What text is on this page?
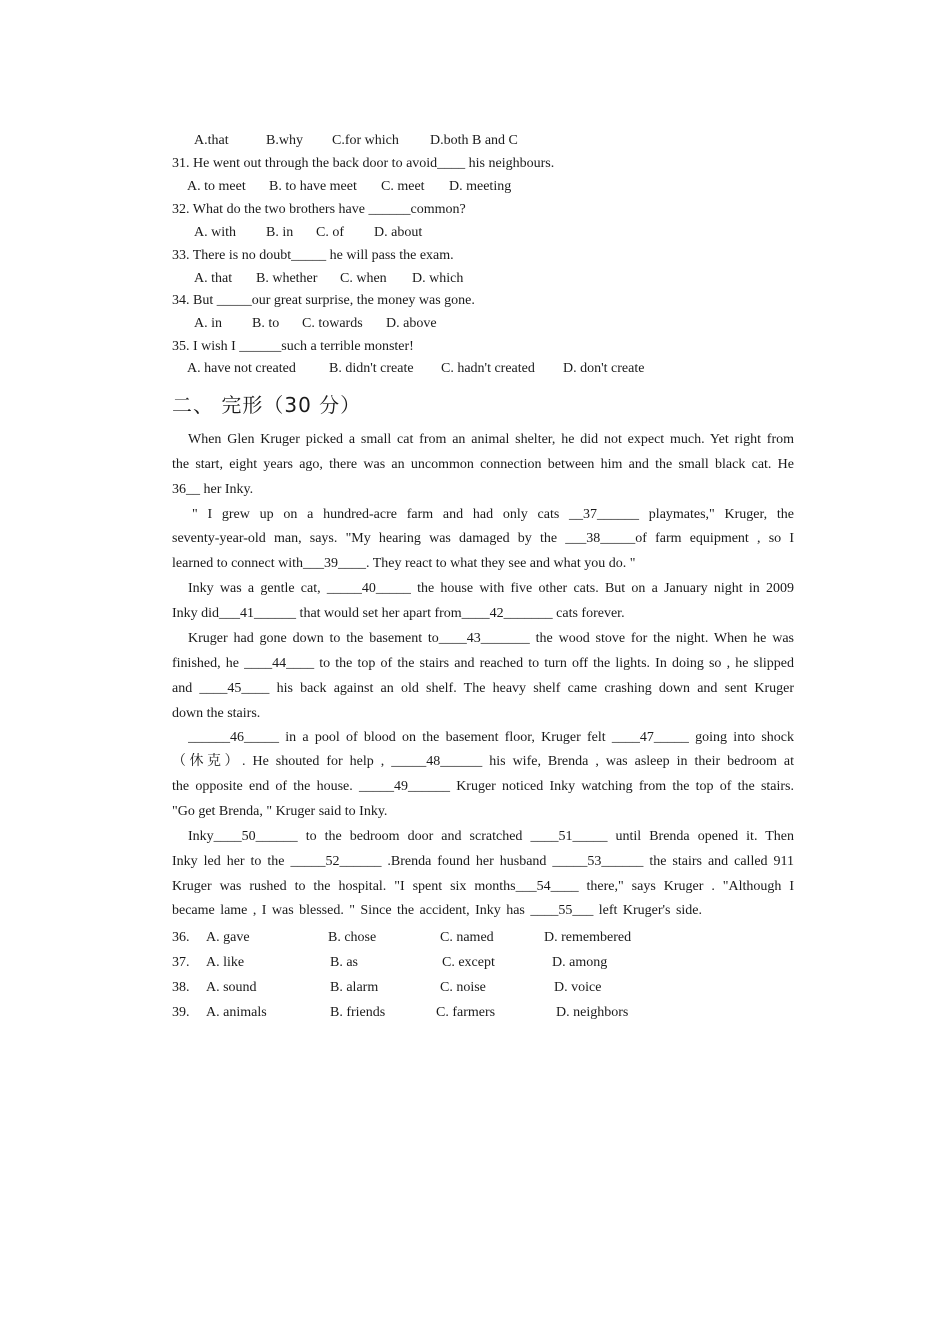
A.that	B.why C.for which D.both B and C
31. He went out through the back door to avoid____ his neighbours.
A. to meet B. to have meet C. meet D. meeting
32. What do the two brothers have ______common?
A. with B. in C. of D. about
33. There is no doubt_____ he will pass the exam.
A. that B. whether C. when D. which
34. But _____our great surprise, the money was gone.
A. in B. to C. towards D. above
35. I wish I ______such a terrible monster!
A. have not created B. didn't create C. hadn't created D. don't create
二、 完形（30 分）
When Glen Kruger picked a small cat from an animal shelter, he did not expect much. Yet right from
the start, eight years ago, there was an uncommon connection between him and the small black cat. He
36__ her Inky.
" I grew up on a hundred-acre farm and had only cats __37______ playmates," Kruger, the
seventy-year-old man, says. "My hearing was damaged by the ___38_____of farm equipment , so I
learned to connect with___39____. They react to what they see and what you do. "
Inky was a gentle cat, _____40_____ the house with five other cats. But on a January night in 2009
Inky did___41______ that would set her apart from____42_______ cats forever.
Kruger had gone down to the basement to____43_______ the wood stove for the night. When he was
finished, he ____44____ to the top of the stairs and reached to turn off the lights. In doing so , he slipped
and ____45____ his back against an old shelf. The heavy shelf came crashing down and sent Kruger
down the stairs.
______46_____ in a pool of blood on the basement floor, Kruger felt ____47_____ going into shock
（休克）. He shouted for help , _____48______ his wife, Brenda , was asleep in their bedroom at
the opposite end of the house. _____49______ Kruger noticed Inky watching from the top of the stairs.
"Go get Brenda, " Kruger said to Inky.
Inky____50______ to the bedroom door and scratched ____51_____ until Brenda opened it. Then
Inky led her to the _____52______ .Brenda found her husband _____53______ the stairs and called 911
Kruger was rushed to the hospital. "I spent six months___54____ there," says Kruger . "Although I
became lame , I was blessed. " Since the accident, Inky has ____55___ left Kruger's side.
36. A. gave	B. chose	C. named	D. remembered
37. A. like	B. as	C. except	D. among
38. A. sound	B. alarm	C. noise	D. voice
39. A. animals	B. friends	C. farmers	D. neighbors
